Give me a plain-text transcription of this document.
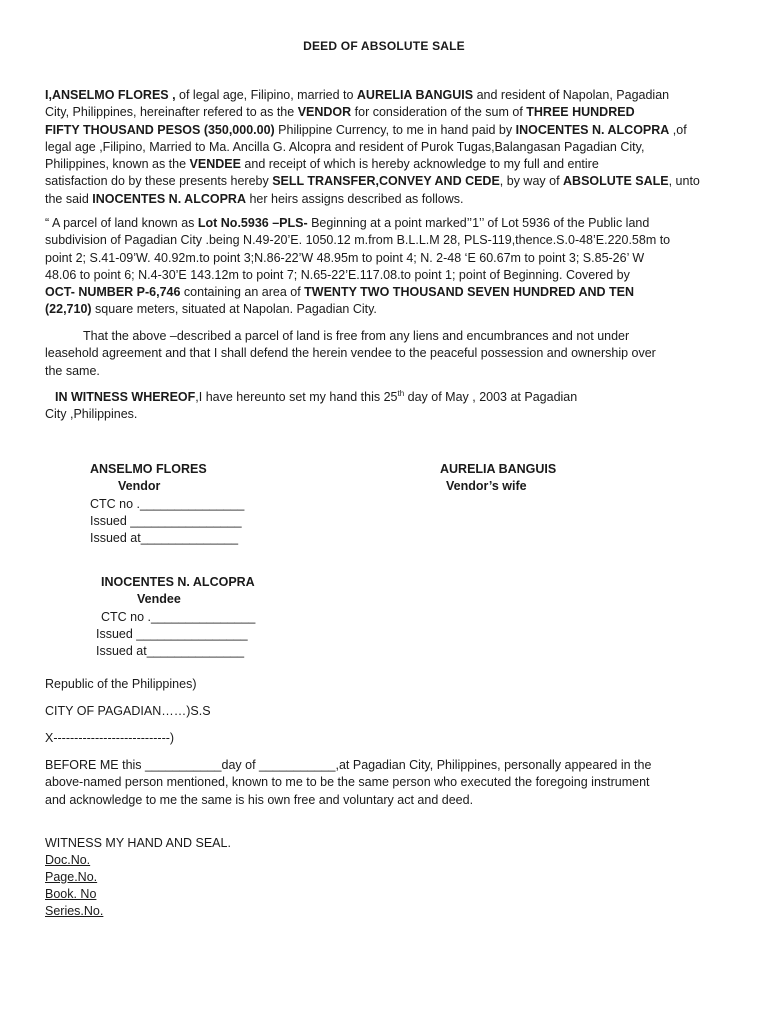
DEED OF ABSOLUTE SALE

I,ANSELMO FLORES , of legal age, Filipino, married to AURELIA BANGUIS and resident of Napolan, Pagadian
City, Philippines, hereinafter refered to as the VENDOR for consideration of the sum of THREE HUNDRED
FIFTY THOUSAND PESOS (350,000.00) Philippine Currency, to me in hand paid by INOCENTES N. ALCOPRA ,of
legal age ,Filipino, Married to Ma. Ancilla G. Alcopra and resident of Purok Tugas,Balangasan Pagadian City,
Philippines, known as the VENDEE and receipt of which is hereby acknowledge to my full and entire
satisfaction do by these presents hereby SELL TRANSFER,CONVEY AND CEDE, by way of ABSOLUTE SALE, unto
the said INOCENTES N. ALCOPRA her heirs assigns described as follows.
“ A parcel of land known as Lot No.5936 –PLS- Beginning at a point marked’’1’’ of Lot 5936 of the Public land
subdivision of Pagadian City .being N.49-20’E. 1050.12 m.from B.L.L.M 28, PLS-119,thence.S.0-48’E.220.58m to
point 2; S.41-09’W. 40.92m.to point 3;N.86-22’W 48.95m to point 4; N. 2-48 ‘E 60.67m to point 3; S.85-26’ W
48.06 to point 6; N.4-30’E 143.12m to point 7; N.65-22’E.117.08.to point 1; point of Beginning. Covered by
OCT- NUMBER P-6,746 containing an area of TWENTY TWO THOUSAND SEVEN HUNDRED AND TEN
(22,710) square meters, situated at Napolan. Pagadian City.
That the above –described a parcel of land is free from any liens and encumbrances and not under
leasehold agreement and that I shall defend the herein vendee to the peaceful possession and ownership over
the same.
IN WITNESS WHEREOF,I have hereunto set my hand this 25th day of May , 2003 at Pagadian
City ,Philippines.
ANSELMO FLORES
Vendor
CTC no ._______________
Issued ________________
Issued at______________
AURELIA BANGUIS
Vendor’s wife
INOCENTES N. ALCOPRA
Vendee
CTC no ._______________
Issued ________________
Issued at______________

Republic of the Philippines)

CITY OF PAGADIAN……)S.S

X----------------------------)

BEFORE ME this ___________day of ___________,at Pagadian City, Philippines, personally appeared in the
above-named person mentioned, known to me to be the same person who executed the foregoing instrument
and acknowledge to me the same is his own free and voluntary act and deed.

WITNESS MY HAND AND SEAL.

Doc.No.

Page.No.

Book. No

Series.No.
